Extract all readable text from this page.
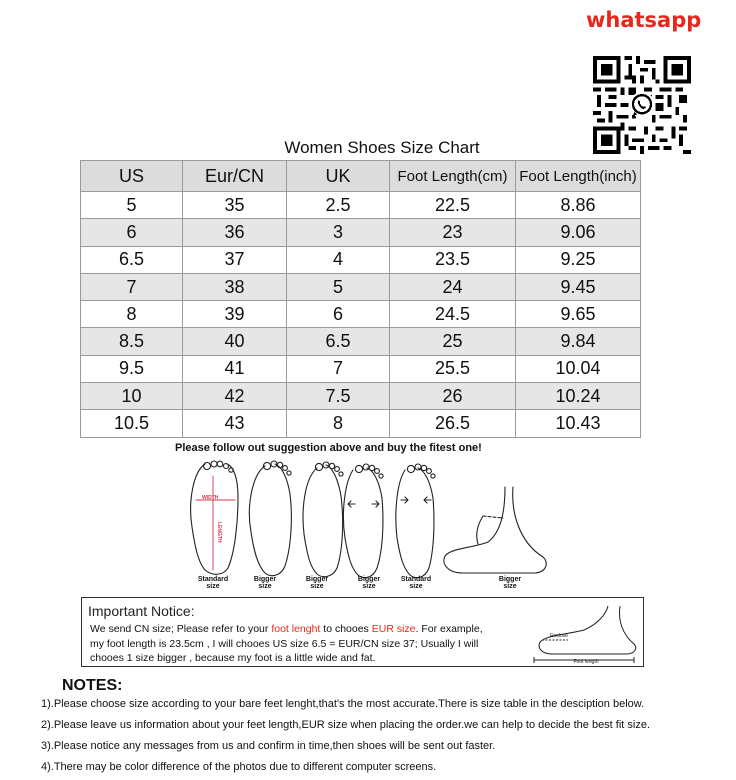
whatsapp
Women Shoes Size Chart
US	Eur/CN	UK	Foot Length(cm)	Foot Length(inch)
5	35	2.5	22.5	8.86
6	36	3	23	9.06
6.5	37	4	23.5	9.25
7	38	5	24	9.45
8	39	6	24.5	9.65
8.5	40	6.5	25	9.84
9.5	41	7	25.5	10.04
10	42	7.5	26	10.24
10.5	43	8	26.5	10.43
Please follow out suggestion above and buy the fitest one!
WIDTH
LENGTH
Standard
size
Bigger
size
Bigger
size
Bigger
size
Standard
size
Bigger
size
Important Notice:
We send CN size; Please refer to your foot lenght to chooes EUR size. For example,
my foot length is 23.5cm , I will chooes US size 6.5 = EUR/CN size 37; Usually I will
chooes 1 size bigger , because my foot is a little wide and fat.
Enclose
Foot length
NOTES:
1).Please choose size according to your bare feet lenght,that's the most accurate.There is size table in the desciption below.
2).Please leave us information about your feet length,EUR size when placing the order.we can help to decide the best fit size.
3).Please notice any messages from us and confirm in time,then shoes will be sent out faster.
4).There may be color difference of the photos due to different computer screens.
